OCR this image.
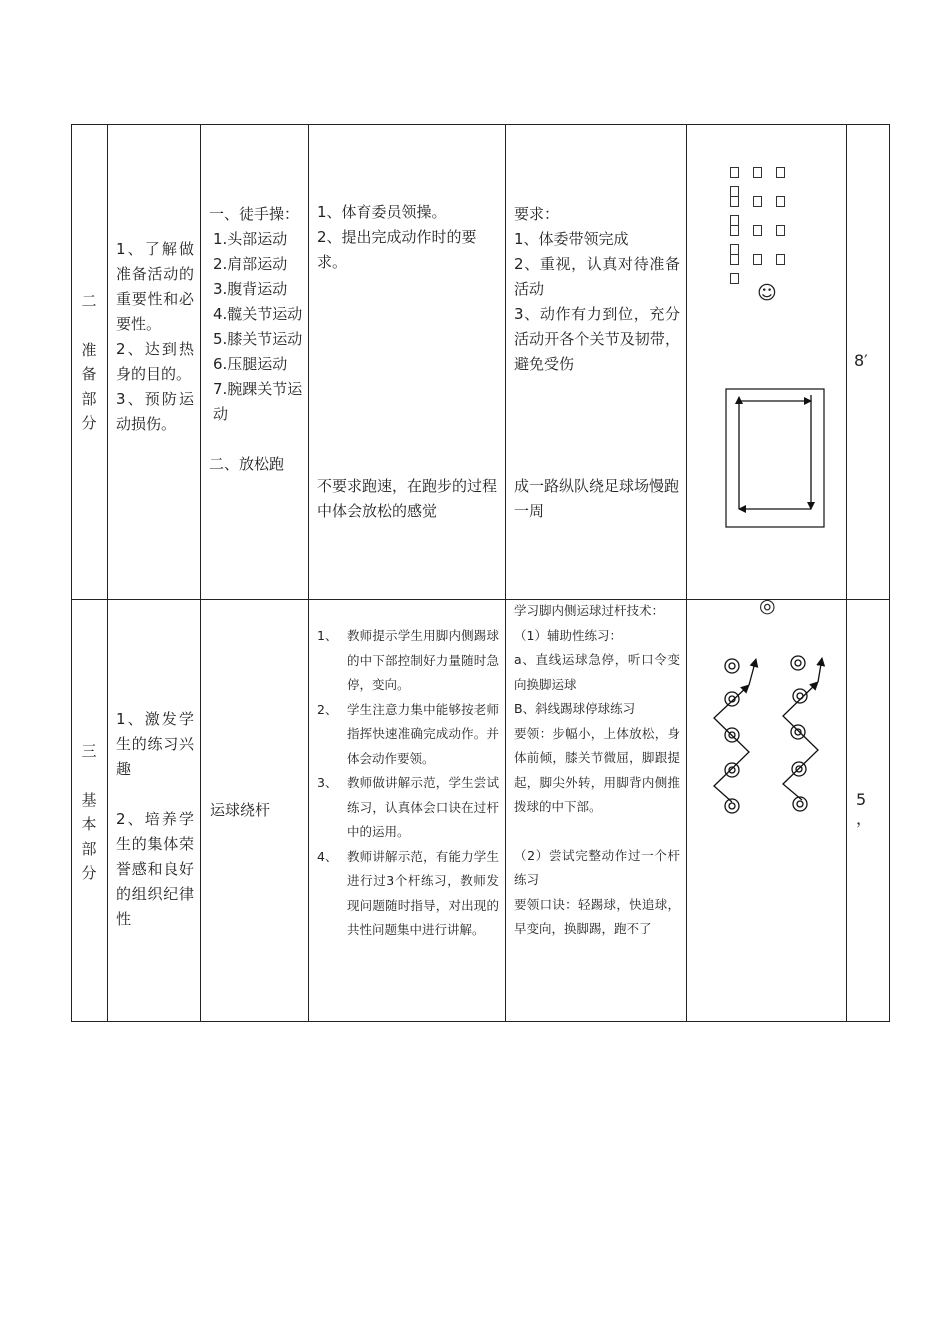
二
准
备
部
分
1、了解做准备活动的重要性和必要性。
2、达到热身的目的。
3、预防运动损伤。
一、徒手操：
1.头部运动
2.肩部运动
3.腹背运动
4.髋关节运动
5.膝关节运动
6.压腿运动
7.腕踝关节运动
二、放松跑
1、体育委员领操。
2、提出完成动作时的要求。
不要求跑速，在跑步的过程中体会放松的感觉
要求：
1、体委带领完成
2、重视，认真对待准备活动
3、动作有力到位，充分活动开各个关节及韧带，避免受伤
成一路纵队绕足球场慢跑一周
☺
8′
三
基
本
部
分
1、激发学生的练习兴趣
2、培养学生的集体荣誉感和良好的组织纪律性
运球绕杆
1、 教师提示学生用脚内侧踢球的中下部控制好力量随时急停，变向。
2、 学生注意力集中能够按老师指挥快速准确完成动作。并体会动作要领。
3、 教师做讲解示范，学生尝试练习，认真体会口诀在过杆中的运用。
4、 教师讲解示范，有能力学生进行过3个杆练习，教师发现问题随时指导，对出现的共性问题集中进行讲解。
学习脚内侧运球过杆技术：
（1）辅助性练习：
a、直线运球急停，听口令变向换脚运球
B、斜线踢球停球练习
要领：步幅小，上体放松，身体前倾，膝关节微屈，脚跟提起，脚尖外转，用脚背内侧推拨球的中下部。
（2）尝试完整动作过一个杆练习
要领口诀：轻踢球，快追球，早变向，换脚踢，跑不了
◎
5
，
